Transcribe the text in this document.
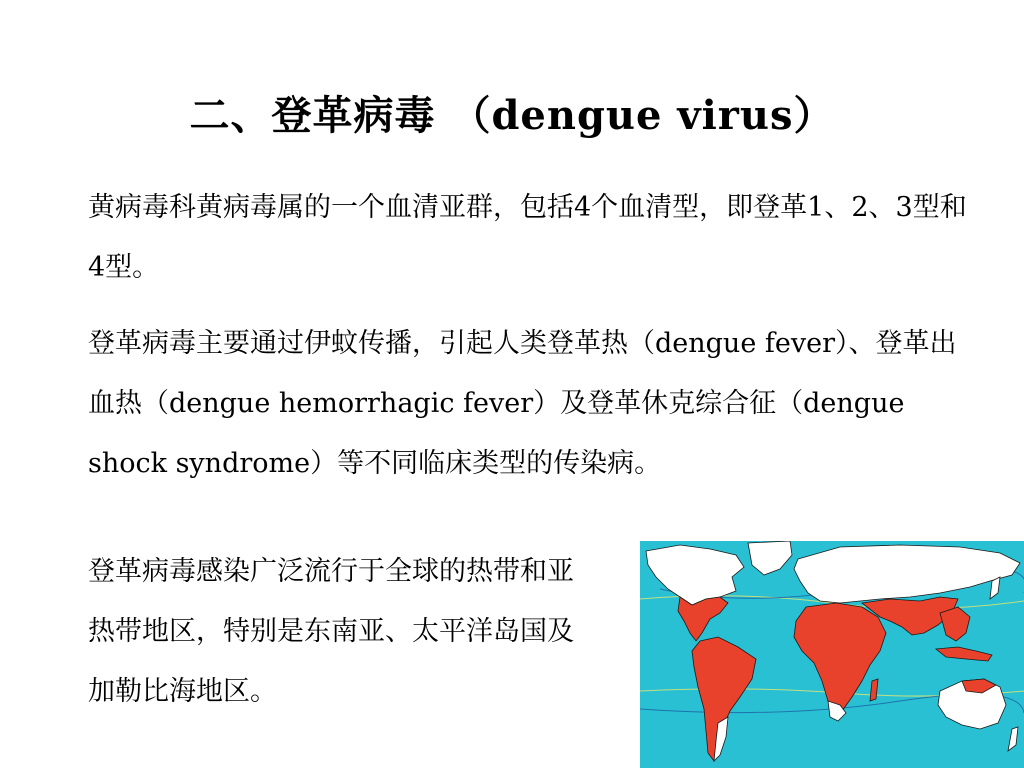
二、登革病毒 （dengue virus）

黄病毒科黄病毒属的一个血清亚群，包括4个血清型，即登革1、2、3型和4型。

登革病毒主要通过伊蚊传播，引起人类登革热（dengue fever）、登革出血热（dengue hemorrhagic fever）及登革休克综合征（dengue shock syndrome）等不同临床类型的传染病。

登革病毒感染广泛流行于全球的热带和亚热带地区，特别是东南亚、太平洋岛国及加勒比海地区。
